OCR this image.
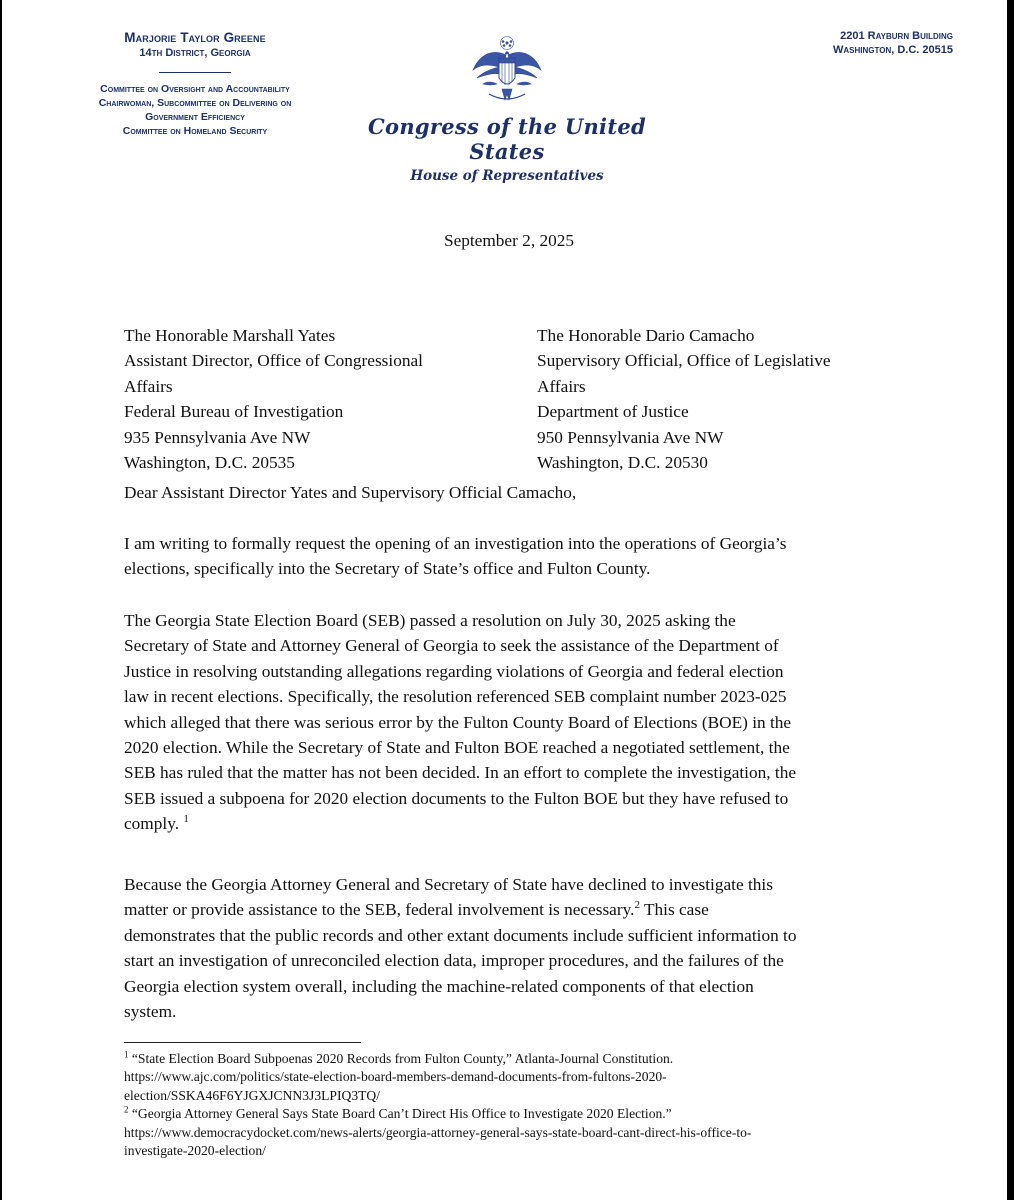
Marjorie Taylor Greene
14th District, Georgia
Committee on Oversight and Accountability
Chairwoman, Subcommittee on Delivering on
Government Efficiency
Committee on Homeland Security
2201 Rayburn Building
Washington, D.C. 20515
Congress of the United States
House of Representatives
September 2, 2025
The Honorable Marshall Yates
Assistant Director, Office of Congressional
Affairs
Federal Bureau of Investigation
935 Pennsylvania Ave NW
Washington, D.C. 20535
The Honorable Dario Camacho
Supervisory Official, Office of Legislative
Affairs
Department of Justice
950 Pennsylvania Ave NW
Washington, D.C. 20530
Dear Assistant Director Yates and Supervisory Official Camacho,

I am writing to formally request the opening of an investigation into the operations of Georgia’s
elections, specifically into the Secretary of State’s office and Fulton County.

The Georgia State Election Board (SEB) passed a resolution on July 30, 2025 asking the
Secretary of State and Attorney General of Georgia to seek the assistance of the Department of
Justice in resolving outstanding allegations regarding violations of Georgia and federal election
law in recent elections. Specifically, the resolution referenced SEB complaint number 2023-025
which alleged that there was serious error by the Fulton County Board of Elections (BOE) in the
2020 election. While the Secretary of State and Fulton BOE reached a negotiated settlement, the
SEB has ruled that the matter has not been decided. In an effort to complete the investigation, the
SEB issued a subpoena for 2020 election documents to the Fulton BOE but they have refused to
comply. $^1$

Because the Georgia Attorney General and Secretary of State have declined to investigate this
matter or provide assistance to the SEB, federal involvement is necessary.$^2$ This case
demonstrates that the public records and other extant documents include sufficient information to
start an investigation of unreconciled election data, improper procedures, and the failures of the
Georgia election system overall, including the machine-related components of that election
system.

$^1$ “State Election Board Subpoenas 2020 Records from Fulton County,” Atlanta-Journal Constitution.
https://www.ajc.com/politics/state-election-board-members-demand-documents-from-fultons-2020-
election/SSKA46F6YJGXJCNN3J3LPIQ3TQ/
$^2$ “Georgia Attorney General Says State Board Can’t Direct His Office to Investigate 2020 Election.”
https://www.democracydocket.com/news-alerts/georgia-attorney-general-says-state-board-cant-direct-his-office-to-
investigate-2020-election/
